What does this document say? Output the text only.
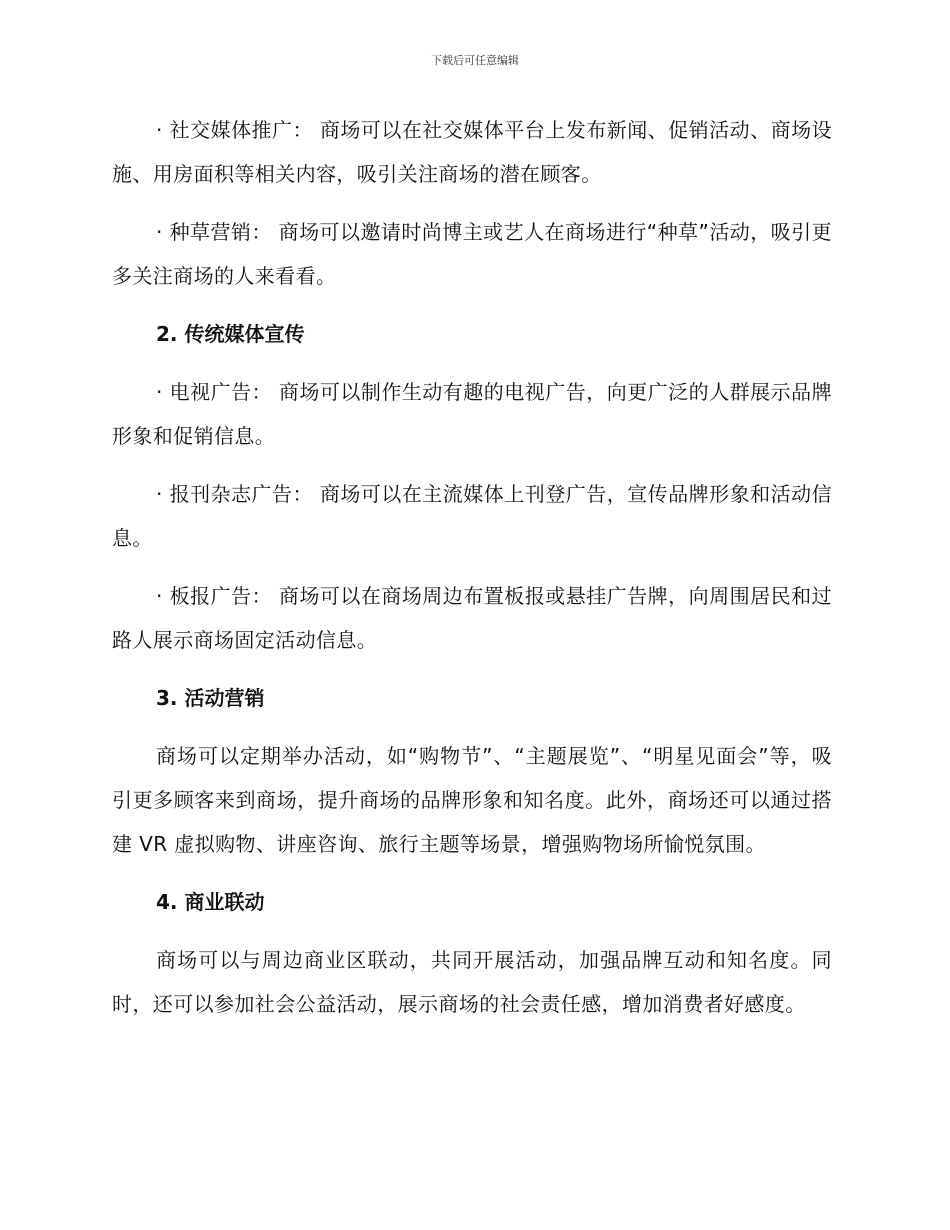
下载后可任意编辑

· 社交媒体推广： 商场可以在社交媒体平台上发布新闻、促销活动、商场设施、用房面积等相关内容，吸引关注商场的潜在顾客。

· 种草营销： 商场可以邀请时尚博主或艺人在商场进行“种草”活动，吸引更多关注商场的人来看看。

2. 传统媒体宣传

· 电视广告： 商场可以制作生动有趣的电视广告，向更广泛的人群展示品牌形象和促销信息。

· 报刊杂志广告： 商场可以在主流媒体上刊登广告，宣传品牌形象和活动信息。

· 板报广告： 商场可以在商场周边布置板报或悬挂广告牌，向周围居民和过路人展示商场固定活动信息。

3. 活动营销

商场可以定期举办活动，如“购物节”、“主题展览”、“明星见面会”等，吸引更多顾客来到商场，提升商场的品牌形象和知名度。此外，商场还可以通过搭建 VR 虚拟购物、讲座咨询、旅行主题等场景，增强购物场所愉悦氛围。

4. 商业联动

商场可以与周边商业区联动，共同开展活动，加强品牌互动和知名度。同时，还可以参加社会公益活动，展示商场的社会责任感，增加消费者好感度。
